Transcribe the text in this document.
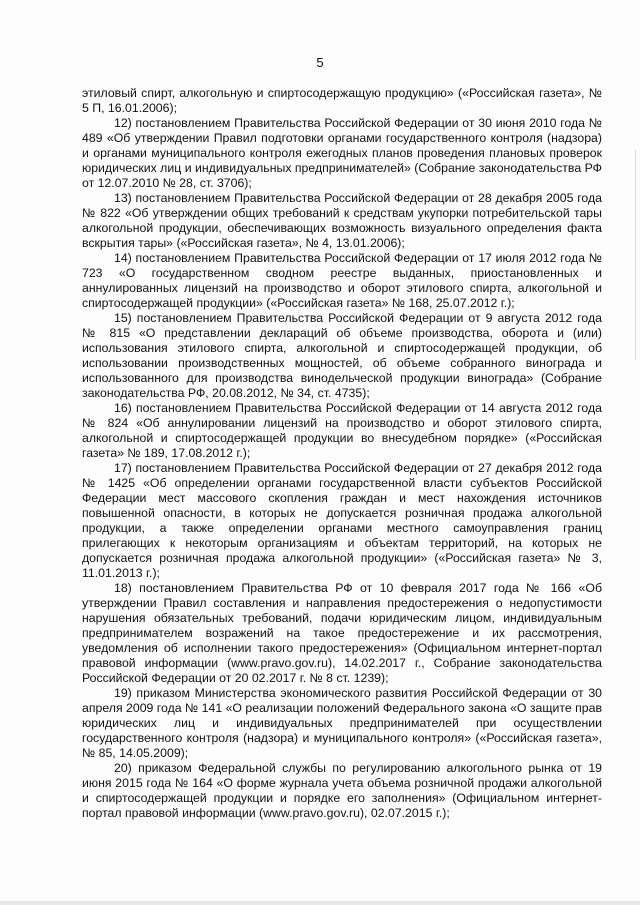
5

этиловый спирт, алкогольную и спиртосодержащую продукцию» («Российская газета», № 5 П, 16.01.2006);

12) постановлением Правительства Российской Федерации от 30 июня 2010 года № 489 «Об утверждении Правил подготовки органами государственного контроля (надзора) и органами муниципального контроля ежегодных планов проведения плановых проверок юридических лиц и индивидуальных предпринимателей» (Собрание законодательства РФ от 12.07.2010 № 28, ст. 3706);

13) постановлением Правительства Российской Федерации от 28 декабря 2005 года № 822 «Об утверждении общих требований к средствам укупорки потребительской тары алкогольной продукции, обеспечивающих возможность визуального определения факта вскрытия тары» («Российская газета», № 4, 13.01.2006);

14) постановлением Правительства Российской Федерации от 17 июля 2012 года № 723 «О государственном сводном реестре выданных, приостановленных и аннулированных лицензий на производство и оборот этилового спирта, алкогольной и спиртосодержащей продукции» («Российская газета» № 168, 25.07.2012 г.);

15) постановлением Правительства Российской Федерации от 9 августа 2012 года № 815 «О представлении деклараций об объеме производства, оборота и (или) использования этилового спирта, алкогольной и спиртосодержащей продукции, об использовании производственных мощностей, об объеме собранного винограда и использованного для производства винодельческой продукции винограда» (Собрание законодательства РФ, 20.08.2012, № 34, ст. 4735);

16) постановлением Правительства Российской Федерации от 14 августа 2012 года № 824 «Об аннулировании лицензий на производство и оборот этилового спирта, алкогольной и спиртосодержащей продукции во внесудебном порядке» («Российская газета» № 189, 17.08.2012 г.);

17) постановлением Правительства Российской Федерации от 27 декабря 2012 года № 1425 «Об определении органами государственной власти субъектов Российской Федерации мест массового скопления граждан и мест нахождения источников повышенной опасности, в которых не допускается розничная продажа алкогольной продукции, а также определении органами местного самоуправления границ прилегающих к некоторым организациям и объектам территорий, на которых не допускается розничная продажа алкогольной продукции» («Российская газета» № 3, 11.01.2013 г.);

18) постановлением Правительства РФ от 10 февраля 2017 года № 166 «Об утверждении Правил составления и направления предостережения о недопустимости нарушения обязательных требований, подачи юридическим лицом, индивидуальным предпринимателем возражений на такое предостережение и их рассмотрения, уведомления об исполнении такого предостережения» (Официальном интернет-портал правовой информации (www.pravo.gov.ru), 14.02.2017 г., Собрание законодательства Российской Федерации от 20 02.2017 г. № 8 ст. 1239);

19) приказом Министерства экономического развития Российской Федерации от 30 апреля 2009 года № 141 «О реализации положений Федерального закона «О защите прав юридических лиц и индивидуальных предпринимателей при осуществлении государственного контроля (надзора) и муниципального контроля» («Российская газета», № 85, 14.05.2009);

20) приказом Федеральной службы по регулированию алкогольного рынка от 19 июня 2015 года № 164 «О форме журнала учета объема розничной продажи алкогольной и спиртосодержащей продукции и порядке его заполнения» (Официальном интернет-портал правовой информации (www.pravo.gov.ru), 02.07.2015 г.);
